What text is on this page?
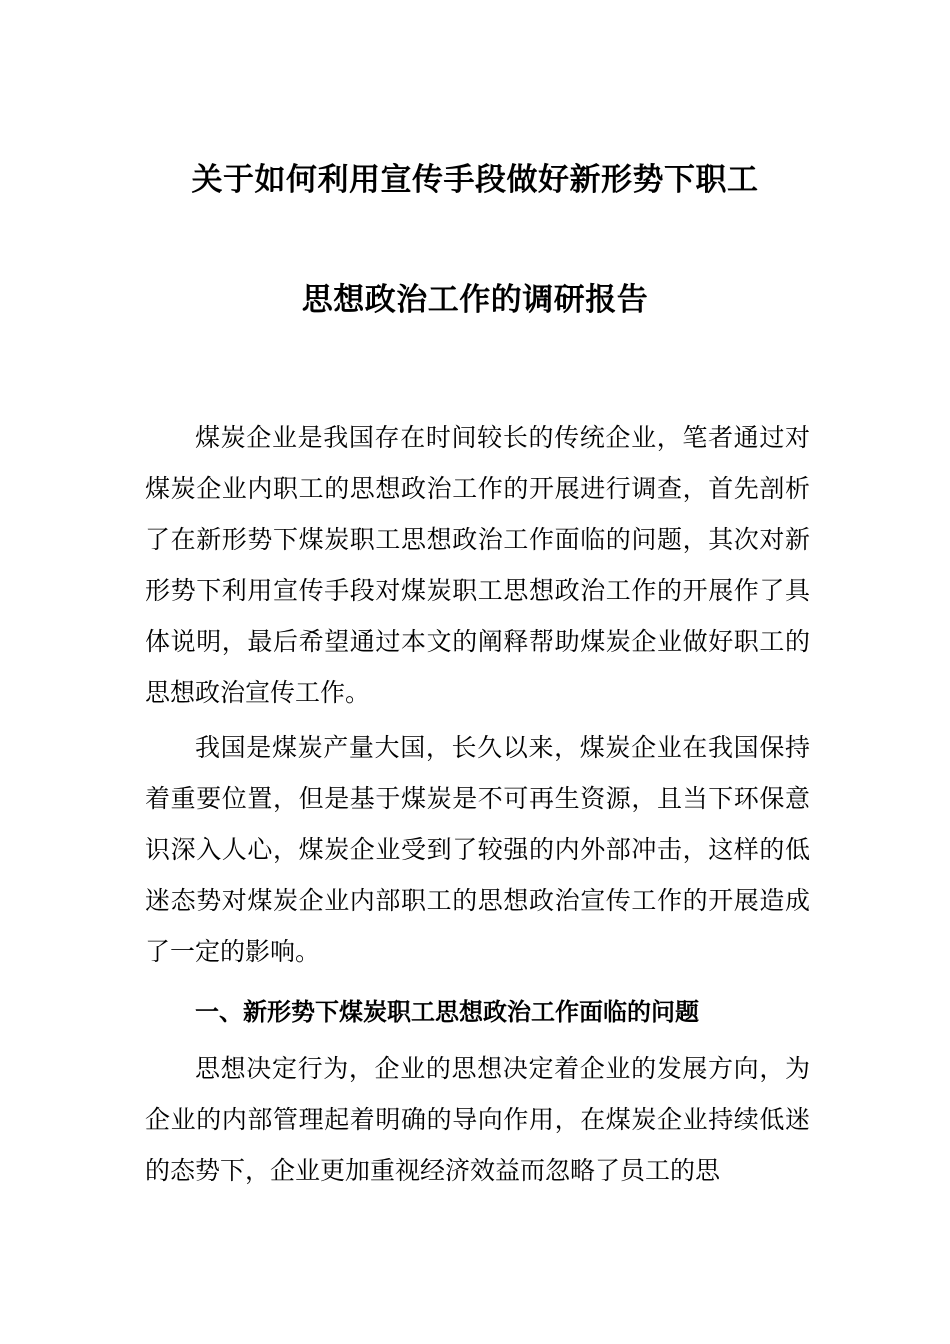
关于如何利用宣传手段做好新形势下职工
思想政治工作的调研报告

煤炭企业是我国存在时间较长的传统企业，笔者通过对煤炭企业内职工的思想政治工作的开展进行调查，首先剖析了在新形势下煤炭职工思想政治工作面临的问题，其次对新形势下利用宣传手段对煤炭职工思想政治工作的开展作了具体说明，最后希望通过本文的阐释帮助煤炭企业做好职工的思想政治宣传工作。

我国是煤炭产量大国，长久以来，煤炭企业在我国保持着重要位置，但是基于煤炭是不可再生资源，且当下环保意识深入人心，煤炭企业受到了较强的内外部冲击，这样的低迷态势对煤炭企业内部职工的思想政治宣传工作的开展造成了一定的影响。

一、新形势下煤炭职工思想政治工作面临的问题

思想决定行为，企业的思想决定着企业的发展方向，为企业的内部管理起着明确的导向作用，在煤炭企业持续低迷的态势下，企业更加重视经济效益而忽略了员工的思
